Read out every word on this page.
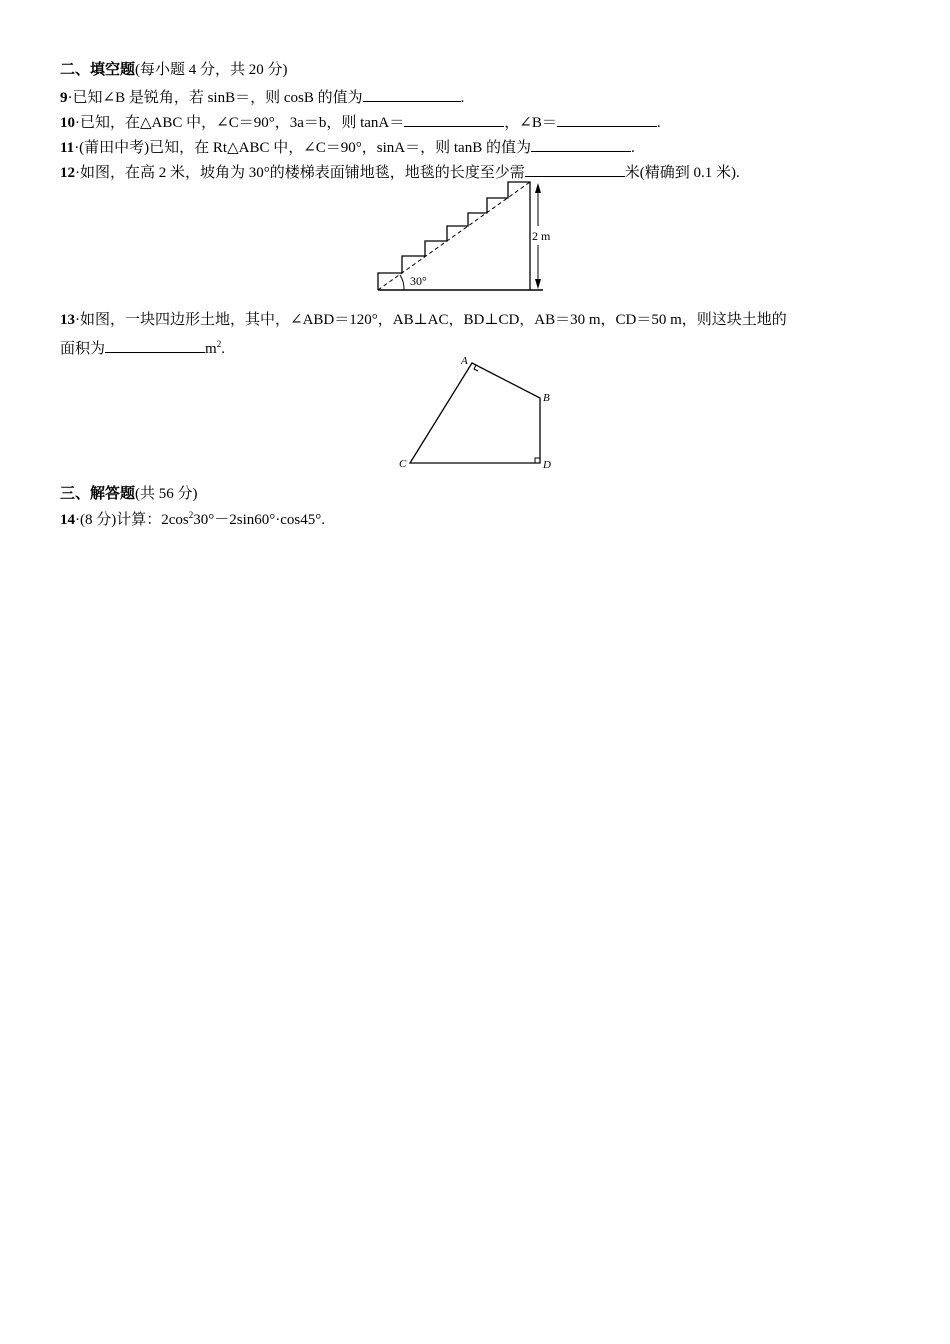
二、填空题(每小题 4 分，共 20 分)
9·已知∠B 是锐角，若 sinB＝，则 cosB 的值为	.
10·已知，在△ABC 中，∠C＝90°，3a＝b，则 tanA＝	，∠B＝	.
11·(莆田中考)已知，在 Rt△ABC 中，∠C＝90°，sinA＝，则 tanB 的值为	.
12·如图，在高 2 米，坡角为 30°的楼梯表面铺地毯，地毯的长度至少需	米(精确到 0.1 米).
30°
2 m
13·如图，一块四边形土地，其中，∠ABD＝120°，AB⊥AC，BD⊥CD，AB＝30 m，CD＝50 m，则这块土地的
面积为	$m^2$.
A
B
C	D
三、解答题(共 56 分)
14·(8 分)计算：$2\cos^230^\circ-2\sin 60^\circ\cdot\cos 45^\circ$.
